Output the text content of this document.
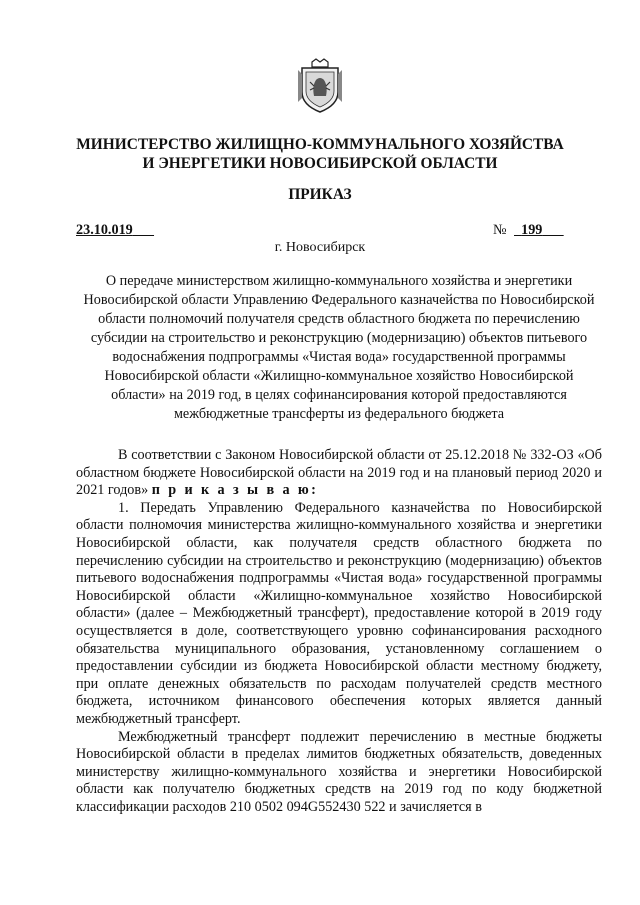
МИНИСТЕРСТВО ЖИЛИЩНО-КОММУНАЛЬНОГО ХОЗЯЙСТВА
И ЭНЕРГЕТИКИ НОВОСИБИРСКОЙ ОБЛАСТИ
ПРИКАЗ
23.10.019	№	199
г. Новосибирск
О передаче министерством жилищно-коммунального хозяйства и энергетики Новосибирской области Управлению Федерального казначейства по Новосибирской области полномочий получателя средств областного бюджета по перечислению субсидии на строительство и реконструкцию (модернизацию) объектов питьевого водоснабжения подпрограммы «Чистая вода» государственной программы Новосибирской области «Жилищно-коммунальное хозяйство Новосибирской области» на 2019 год, в целях софинансирования которой предоставляются межбюджетные трансферты из федерального бюджета

В соответствии с Законом Новосибирской области от 25.12.2018 № 332-ОЗ «Об областном бюджете Новосибирской области на 2019 год и на плановый период 2020 и 2021 годов» п р и к а з ы в а ю:

1. Передать Управлению Федерального казначейства по Новосибирской области полномочия министерства жилищно-коммунального хозяйства и энергетики Новосибирской области, как получателя средств областного бюджета по перечислению субсидии на строительство и реконструкцию (модернизацию) объектов питьевого водоснабжения подпрограммы «Чистая вода» государственной программы Новосибирской области «Жилищно-коммунальное хозяйство Новосибирской области» (далее – Межбюджетный трансферт), предоставление которой в 2019 году осуществляется в доле, соответствующего уровню софинансирования расходного обязательства муниципального образования, установленному соглашением о предоставлении субсидии из бюджета Новосибирской области местному бюджету, при оплате денежных обязательств по расходам получателей средств местного бюджета, источником финансового обеспечения которых является данный межбюджетный трансферт.

Межбюджетный трансферт подлежит перечислению в местные бюджеты Новосибирской области в пределах лимитов бюджетных обязательств, доведенных министерству жилищно-коммунального хозяйства и энергетики Новосибирской области как получателю бюджетных средств на 2019 год по коду бюджетной классификации расходов 210 0502 094G552430 522 и зачисляется в
